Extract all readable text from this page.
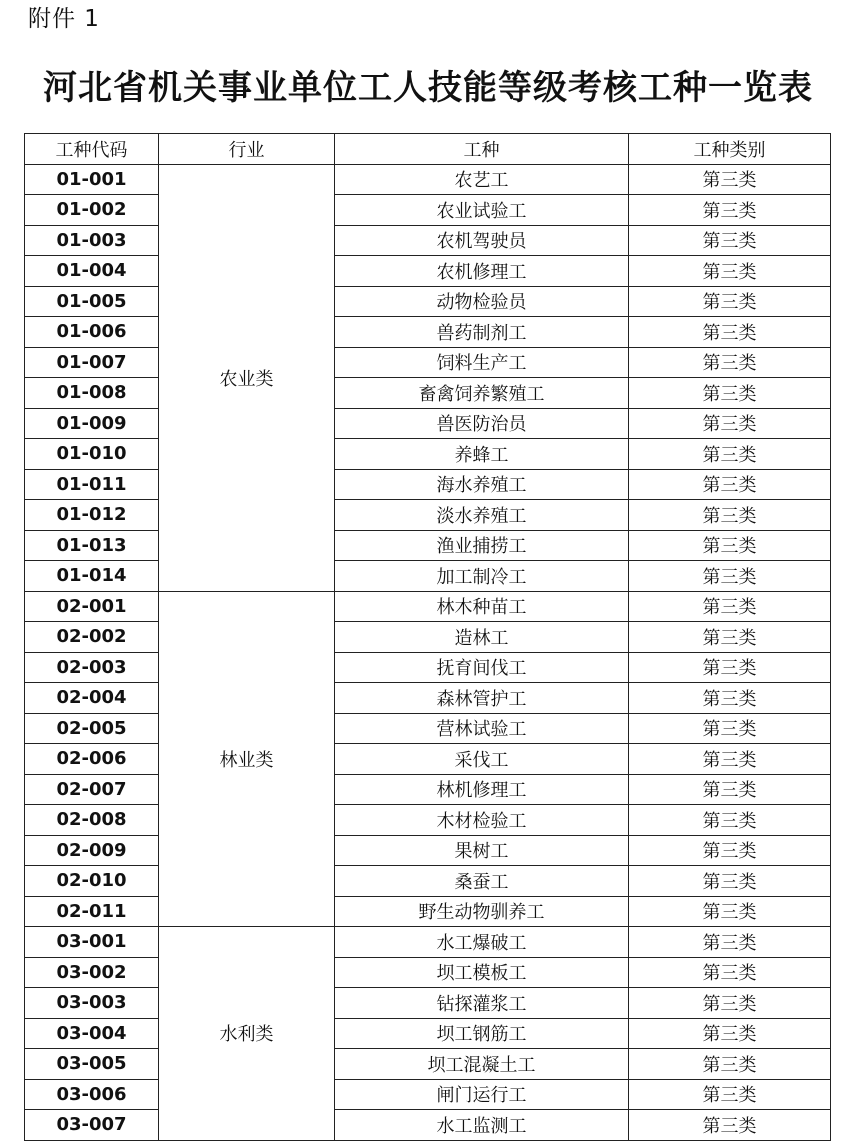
附件 1
河北省机关事业单位工人技能等级考核工种一览表
工种代码	行业	工种	工种类别
01-001	农业类	农艺工	第三类
01-002		农业试验工	第三类
01-003		农机驾驶员	第三类
01-004		农机修理工	第三类
01-005		动物检验员	第三类
01-006		兽药制剂工	第三类
01-007		饲料生产工	第三类
01-008		畜禽饲养繁殖工	第三类
01-009		兽医防治员	第三类
01-010		养蜂工	第三类
01-011		海水养殖工	第三类
01-012		淡水养殖工	第三类
01-013		渔业捕捞工	第三类
01-014		加工制冷工	第三类
02-001	林业类	林木种苗工	第三类
02-002		造林工	第三类
02-003		抚育间伐工	第三类
02-004		森林管护工	第三类
02-005		营林试验工	第三类
02-006		采伐工	第三类
02-007		林机修理工	第三类
02-008		木材检验工	第三类
02-009		果树工	第三类
02-010		桑蚕工	第三类
02-011		野生动物驯养工	第三类
03-001	水利类	水工爆破工	第三类
03-002		坝工模板工	第三类
03-003		钻探灌浆工	第三类
03-004		坝工钢筋工	第三类
03-005		坝工混凝土工	第三类
03-006		闸门运行工	第三类
03-007		水工监测工	第三类
